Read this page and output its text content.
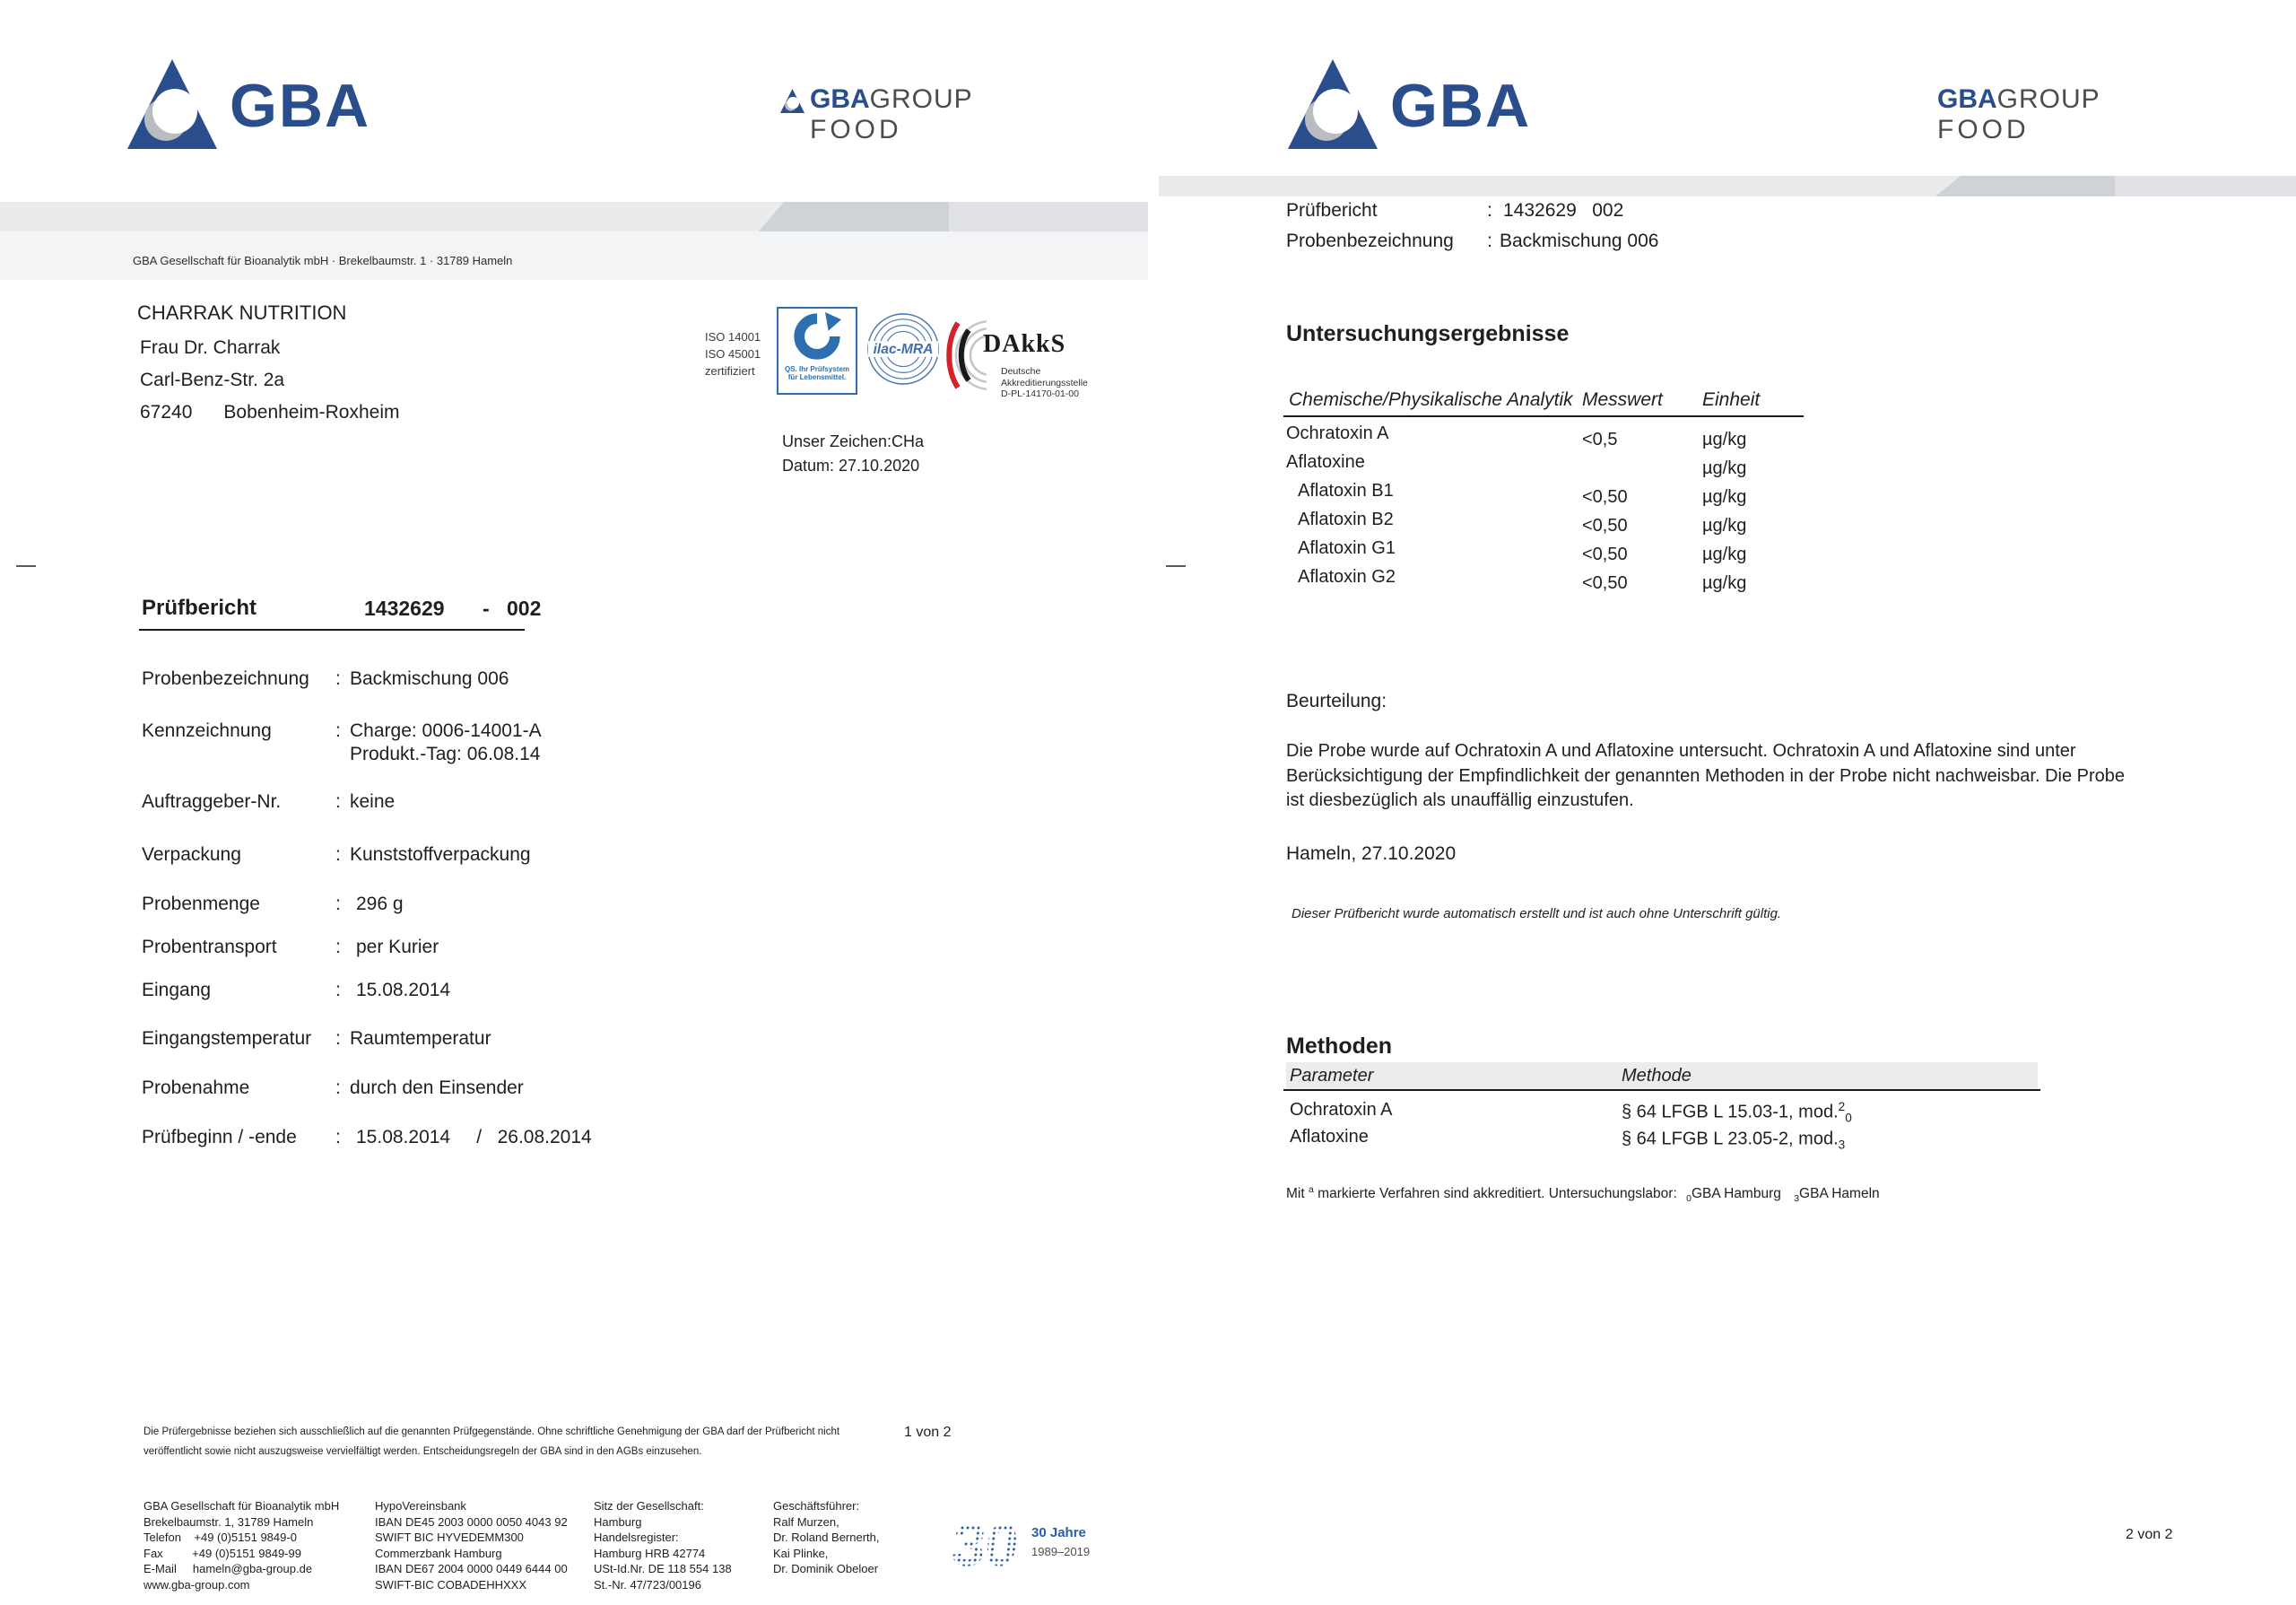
GBA	GBAGROUP
FOOD
GBA Gesellschaft für Bioanalytik mbH · Brekelbaumstr. 1 · 31789 Hameln
CHARRAK NUTRITION
Frau Dr. Charrak
Carl-Benz-Str. 2a
67240      Bobenheim-Roxheim
ISO 14001
ISO 45001
zertifiziert	QS. Ihr Prüfsystem
für Lebensmittel.
ilac-MRA DAkkS
Deutsche
Akkreditierungsstelle
D-PL-14170-01-00
Unser Zeichen:CHa
Datum: 27.10.2020
Prüfbericht	1432629 - 002
Probenbezeichnung : Backmischung 006
Kennzeichnung	: Charge: 0006-14001-A
Produkt.-Tag: 06.08.14
Auftraggeber-Nr.	: keine
Verpackung	: Kunststoffverpackung
Probenmenge	: 296 g
Probentransport	: per Kurier
Eingang	: 15.08.2014
Eingangstemperatur : Raumtemperatur
Probenahme	: durch den Einsender
Prüfbeginn / -ende : 15.08.2014     /   26.08.2014
Die Prüfergebnisse beziehen sich ausschließlich auf die genannten Prüfgegenstände. Ohne schriftliche Genehmigung der GBA darf der Prüfbericht nicht
veröffentlicht sowie nicht auszugsweise vervielfältigt werden. Entscheidungsregeln der GBA sind in den AGBs einzusehen.
1 von 2
GBA Gesellschaft für Bioanalytik mbH
Brekelbaumstr. 1, 31789 Hameln
Telefon    +49 (0)5151 9849-0
Fax         +49 (0)5151 9849-99
E-Mail     hameln@gba-group.de
www.gba-group.com
HypoVereinsbank
IBAN DE45 2003 0000 0050 4043 92
SWIFT BIC HYVEDEMM300
Commerzbank Hamburg
IBAN DE67 2004 0000 0449 6444 00
SWIFT-BIC COBADEHHXXX
Sitz der Gesellschaft:
Hamburg
Handelsregister:
Hamburg HRB 42774
USt-Id.Nr. DE 118 554 138
St.-Nr. 47/723/00196
Geschäftsführer:
Ralf Murzen,
Dr. Roland Bernerth,
Kai Plinke,
Dr. Dominik Obeloer 30 30 Jahre
1989–2019
GBA	GBAGROUP
FOOD
Prüfbericht	: 1432629   002
Probenbezeichnung : Backmischung 006
Untersuchungsergebnisse
Chemische/Physikalische Analytik Messwert Einheit
Ochratoxin A	<0,5	µg/kg
Aflatoxine	µg/kg
Aflatoxin B1	<0,50	µg/kg
Aflatoxin B2	<0,50	µg/kg
Aflatoxin G1	<0,50	µg/kg
Aflatoxin G2	<0,50	µg/kg
Beurteilung:
Die Probe wurde auf Ochratoxin A und Aflatoxine untersucht. Ochratoxin A und Aflatoxine sind unter Berücksichtigung der Empfindlichkeit der genannten Methoden in der Probe nicht nachweisbar. Die Probe ist diesbezüglich als unauffällig einzustufen.
Hameln, 27.10.2020
Dieser Prüfbericht wurde automatisch erstellt und ist auch ohne Unterschrift gültig.
Methoden
Parameter	Methode
Ochratoxin A	§ 64 LFGB L 15.03-1, mod.$^2_0$
Aflatoxine	§ 64 LFGB L 23.05-2, $mod._3$
Mit $^a$ markierte Verfahren sind akkreditiert. Untersuchungslabor: $_0$GBA Hamburg $_3$GBA Hameln
2 von 2
